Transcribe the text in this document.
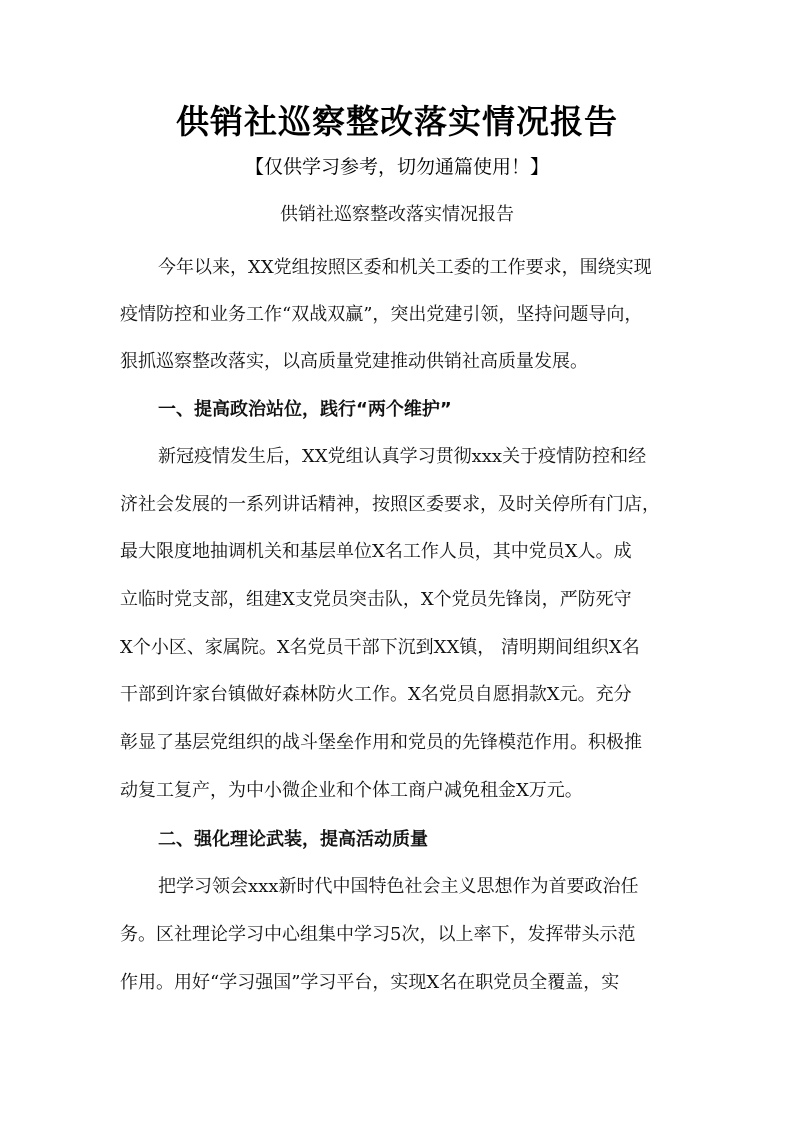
供销社巡察整改落实情况报告
【仅供学习参考，切勿通篇使用！】
供销社巡察整改落实情况报告
今年以来，XX党组按照区委和机关工委的工作要求，围绕实现
疫情防控和业务工作“双战双赢”，突出党建引领，坚持问题导向，
狠抓巡察整改落实，以高质量党建推动供销社高质量发展。
一、提高政治站位，践行“两个维护”
新冠疫情发生后，XX党组认真学习贯彻xxx关于疫情防控和经
济社会发展的一系列讲话精神，按照区委要求，及时关停所有门店，
最大限度地抽调机关和基层单位X名工作人员，其中党员X人。成
立临时党支部，组建X支党员突击队，X个党员先锋岗，严防死守
X个小区、家属院。X名党员干部下沉到XX镇， 清明期间组织X名
干部到许家台镇做好森林防火工作。X名党员自愿捐款X元。充分
彰显了基层党组织的战斗堡垒作用和党员的先锋模范作用。积极推
动复工复产，为中小微企业和个体工商户减免租金X万元。
二、强化理论武装，提高活动质量
把学习领会xxx新时代中国特色社会主义思想作为首要政治任
务。区社理论学习中心组集中学习5次，以上率下，发挥带头示范
作用。用好“学习强国”学习平台，实现X名在职党员全覆盖，实
